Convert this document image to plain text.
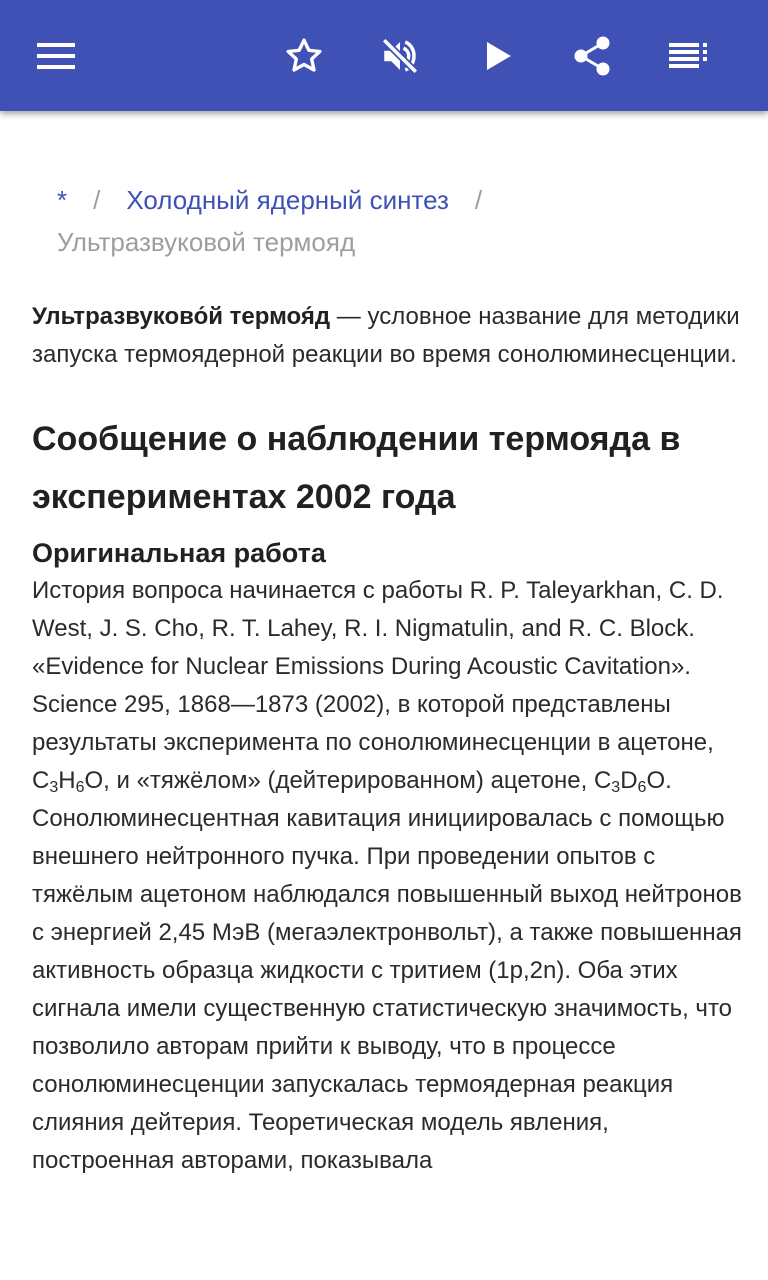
* / Холодный ядерный синтез /
Ультразвуковой термояд

Ультразвуково́й термоя́д — условное название для методики запуска термоядерной реакции во время сонолюминесценции.

Сообщение о наблюдении термояда в экспериментах 2002 года
Оригинальная работа

История вопроса начинается с работы R. P. Taleyarkhan, C. D. West, J. S. Cho, R. T. Lahey, R. I. Nigmatulin, and R. C. Block. «Evidence for Nuclear Emissions During Acoustic Cavitation». Science 295, 1868—1873 (2002), в которой представлены результаты эксперимента по сонолюминесценции в ацетоне, $C_3H_6O$, и «тяжёлом» (дейтерированном) ацетоне, $C_3D_6O$. Сонолюминесцентная кавитация инициировалась с помощью внешнего нейтронного пучка. При проведении опытов с тяжёлым ацетоном наблюдался повышенный выход нейтронов с энергией 2,45 МэВ (мегаэлектронвольт), а также повышенная активность образца жидкости с тритием (1p,2n). Оба этих сигнала имели существенную статистическую значимость, что позволило авторам прийти к выводу, что в процессе сонолюминесценции запускалась термоядерная реакция слияния дейтерия. Теоретическая модель явления, построенная авторами, показывала
